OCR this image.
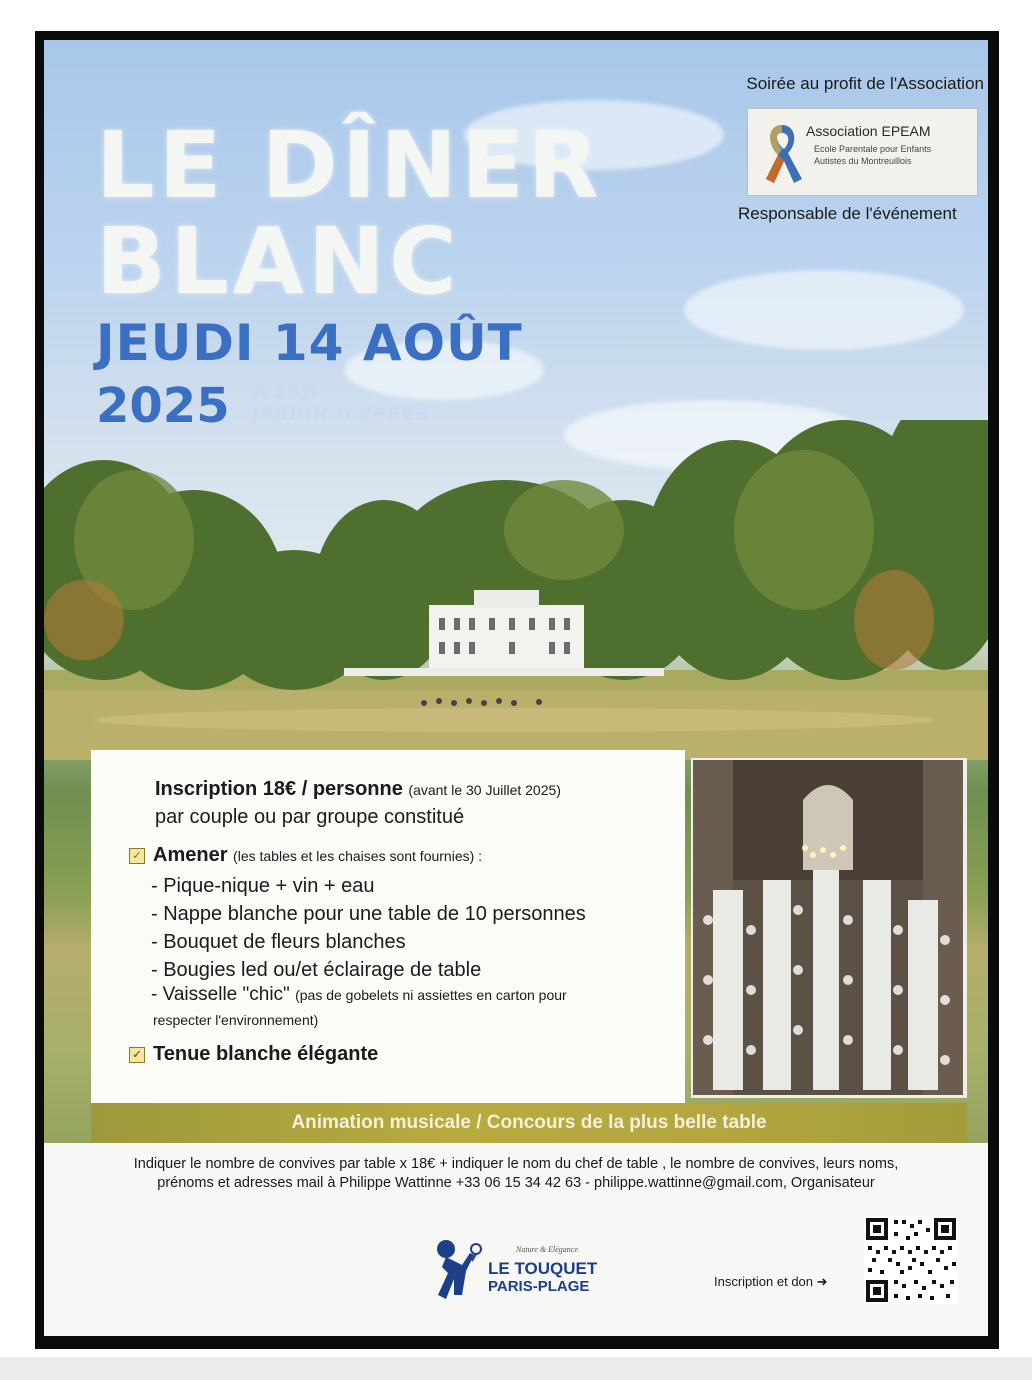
LE DÎNER
BLANC
JEUDI 14 AOÛT
2025 À 19H
JARDIN D'YPRES
Soirée au profit de l'Association
Association EPEAM
Ecole Parentale pour Enfants Autistes du Montreuillois
Responsable de l'événement
Inscription 18€ / personne (avant le 30 Juillet 2025)
par couple ou par groupe constitué
✓ Amener (les tables et les chaises sont fournies) :
- Pique-nique + vin + eau
- Nappe blanche pour une table de 10 personnes
- Bouquet de fleurs blanches
- Bougies led ou/et éclairage de table
- Vaisselle "chic" (pas de gobelets ni assiettes en carton pour
respecter l'environnement)
✓ Tenue blanche élégante
Animation musicale / Concours de la plus belle table
Indiquer le nombre de convives par table x 18€ + indiquer le nom du chef de table , le nombre de convives, leurs noms,
prénoms et adresses mail à Philippe Wattinne +33 06 15 34 42 63 - philippe.wattinne@gmail.com, Organisateur
Nature & Elégance
LE TOUQUET
PARIS-PLAGE	Inscription et don ➜
